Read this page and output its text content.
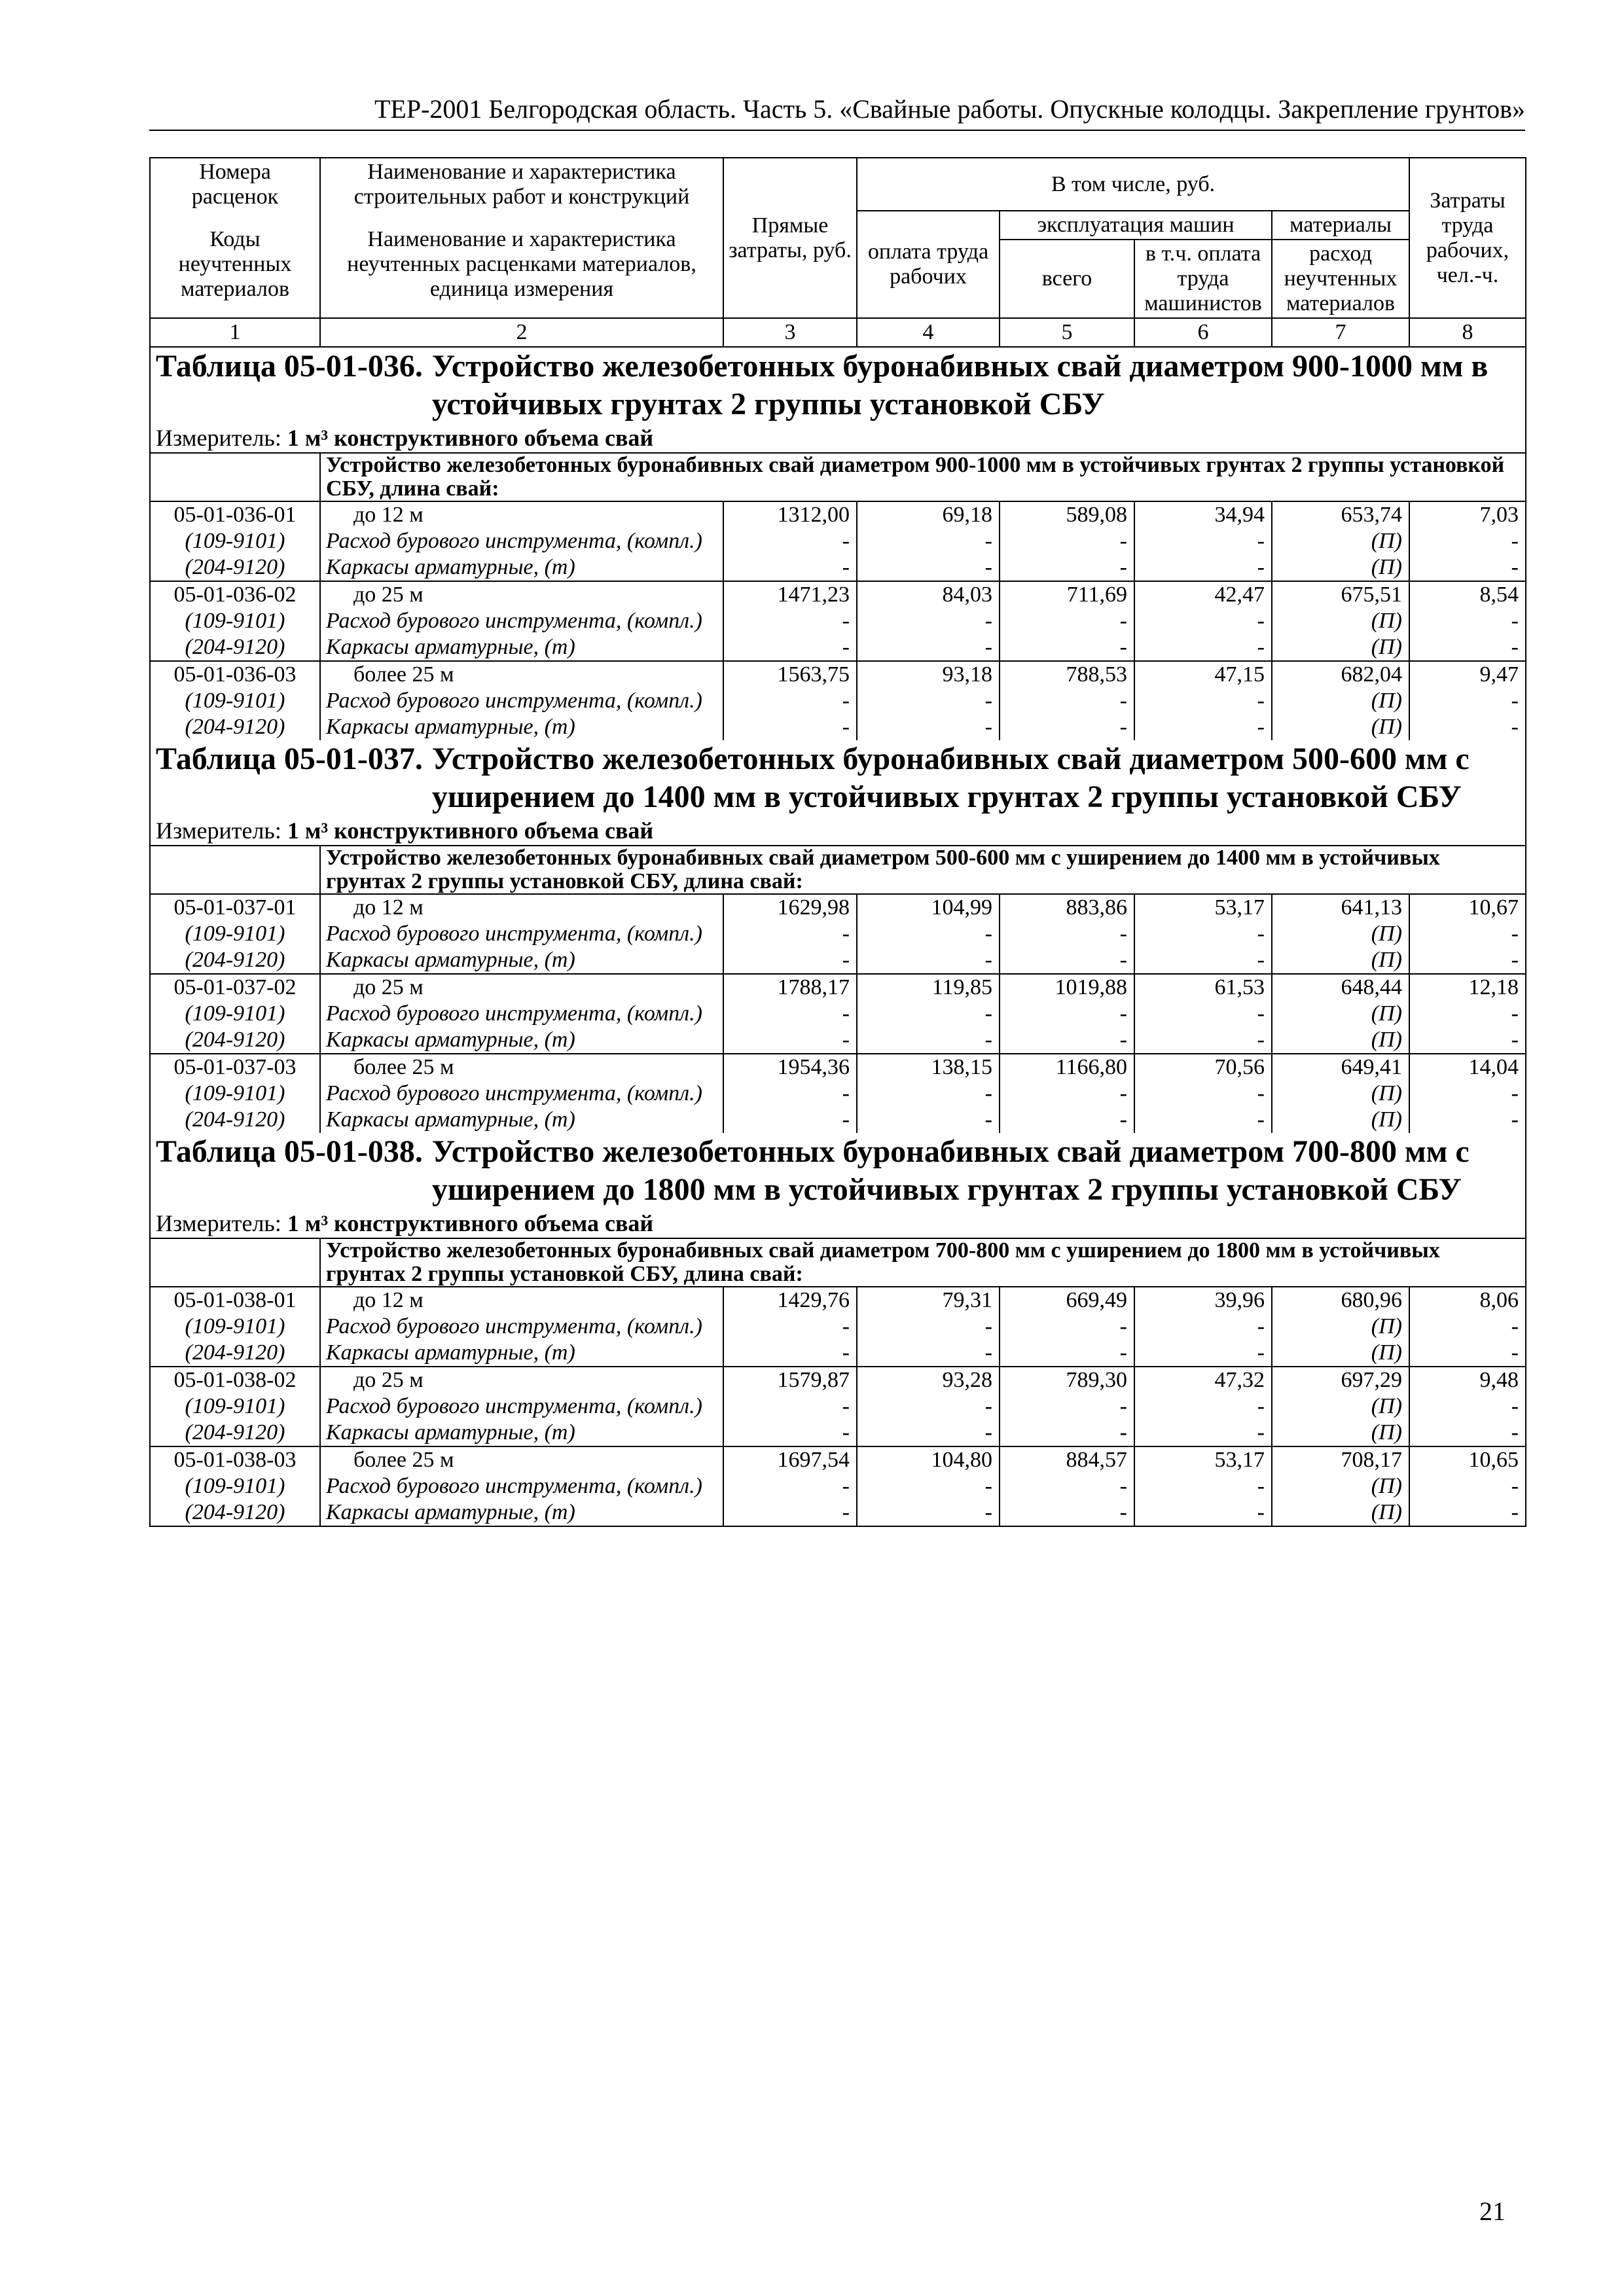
ТЕР-2001 Белгородская область. Часть 5. «Свайные работы. Опускные колодцы. Закрепление грунтов»
Номера расценок	Наименование и характеристика строительных работ и конструкций	Прямые затраты, руб.	В том числе, руб.				Затраты труда рабочих, чел.-ч.
Коды неучтенных материалов	Наименование и характеристика неучтенных расценками материалов, единица измерения		оплата труда рабочих	эксплуатация машин		материалы	
				всего	в т.ч. оплата труда машинистов	расход неучтенных материалов	
1	2	3	4	5	6	7	8

Таблица 05-01-036. Устройство железобетонных буронабивных свай диаметром 900-1000 мм в устойчивых грунтах 2 группы установкой СБУ							

Измеритель: 1 м³ конструктивного объема свай							
	Устройство железобетонных буронабивных свай диаметром 900-1000 мм в устойчивых грунтах 2 группы установкой СБУ, длина свай:						
05-01-036-01	до 12 м	1312,00	69,18	589,08	34,94	653,74	7,03
(109-9101)	Расход бурового инструмента, (компл.)	-	-	-	-	(П)	-
(204-9120)	Каркасы арматурные, (т)	-	-	-	-	(П)	-
05-01-036-02	до 25 м	1471,23	84,03	711,69	42,47	675,51	8,54
(109-9101)	Расход бурового инструмента, (компл.)	-	-	-	-	(П)	-
(204-9120)	Каркасы арматурные, (т)	-	-	-	-	(П)	-
05-01-036-03	более 25 м	1563,75	93,18	788,53	47,15	682,04	9,47
(109-9101)	Расход бурового инструмента, (компл.)	-	-	-	-	(П)	-
(204-9120)	Каркасы арматурные, (т)	-	-	-	-	(П)	-

Таблица 05-01-037. Устройство железобетонных буронабивных свай диаметром 500-600 мм с уширением до 1400 мм в устойчивых грунтах 2 группы установкой СБУ							

Измеритель: 1 м³ конструктивного объема свай							
	Устройство железобетонных буронабивных свай диаметром 500-600 мм с уширением до 1400 мм в устойчивых грунтах 2 группы установкой СБУ, длина свай:						
05-01-037-01	до 12 м	1629,98	104,99	883,86	53,17	641,13	10,67
(109-9101)	Расход бурового инструмента, (компл.)	-	-	-	-	(П)	-
(204-9120)	Каркасы арматурные, (т)	-	-	-	-	(П)	-
05-01-037-02	до 25 м	1788,17	119,85	1019,88	61,53	648,44	12,18
(109-9101)	Расход бурового инструмента, (компл.)	-	-	-	-	(П)	-
(204-9120)	Каркасы арматурные, (т)	-	-	-	-	(П)	-
05-01-037-03	более 25 м	1954,36	138,15	1166,80	70,56	649,41	14,04
(109-9101)	Расход бурового инструмента, (компл.)	-	-	-	-	(П)	-
(204-9120)	Каркасы арматурные, (т)	-	-	-	-	(П)	-

Таблица 05-01-038. Устройство железобетонных буронабивных свай диаметром 700-800 мм с уширением до 1800 мм в устойчивых грунтах 2 группы установкой СБУ							

Измеритель: 1 м³ конструктивного объема свай							
	Устройство железобетонных буронабивных свай диаметром 700-800 мм с уширением до 1800 мм в устойчивых грунтах 2 группы установкой СБУ, длина свай:						
05-01-038-01	до 12 м	1429,76	79,31	669,49	39,96	680,96	8,06
(109-9101)	Расход бурового инструмента, (компл.)	-	-	-	-	(П)	-
(204-9120)	Каркасы арматурные, (т)	-	-	-	-	(П)	-
05-01-038-02	до 25 м	1579,87	93,28	789,30	47,32	697,29	9,48
(109-9101)	Расход бурового инструмента, (компл.)	-	-	-	-	(П)	-
(204-9120)	Каркасы арматурные, (т)	-	-	-	-	(П)	-
05-01-038-03	более 25 м	1697,54	104,80	884,57	53,17	708,17	10,65
(109-9101)	Расход бурового инструмента, (компл.)	-	-	-	-	(П)	-
(204-9120)	Каркасы арматурные, (т)	-	-	-	-	(П)	-
21
